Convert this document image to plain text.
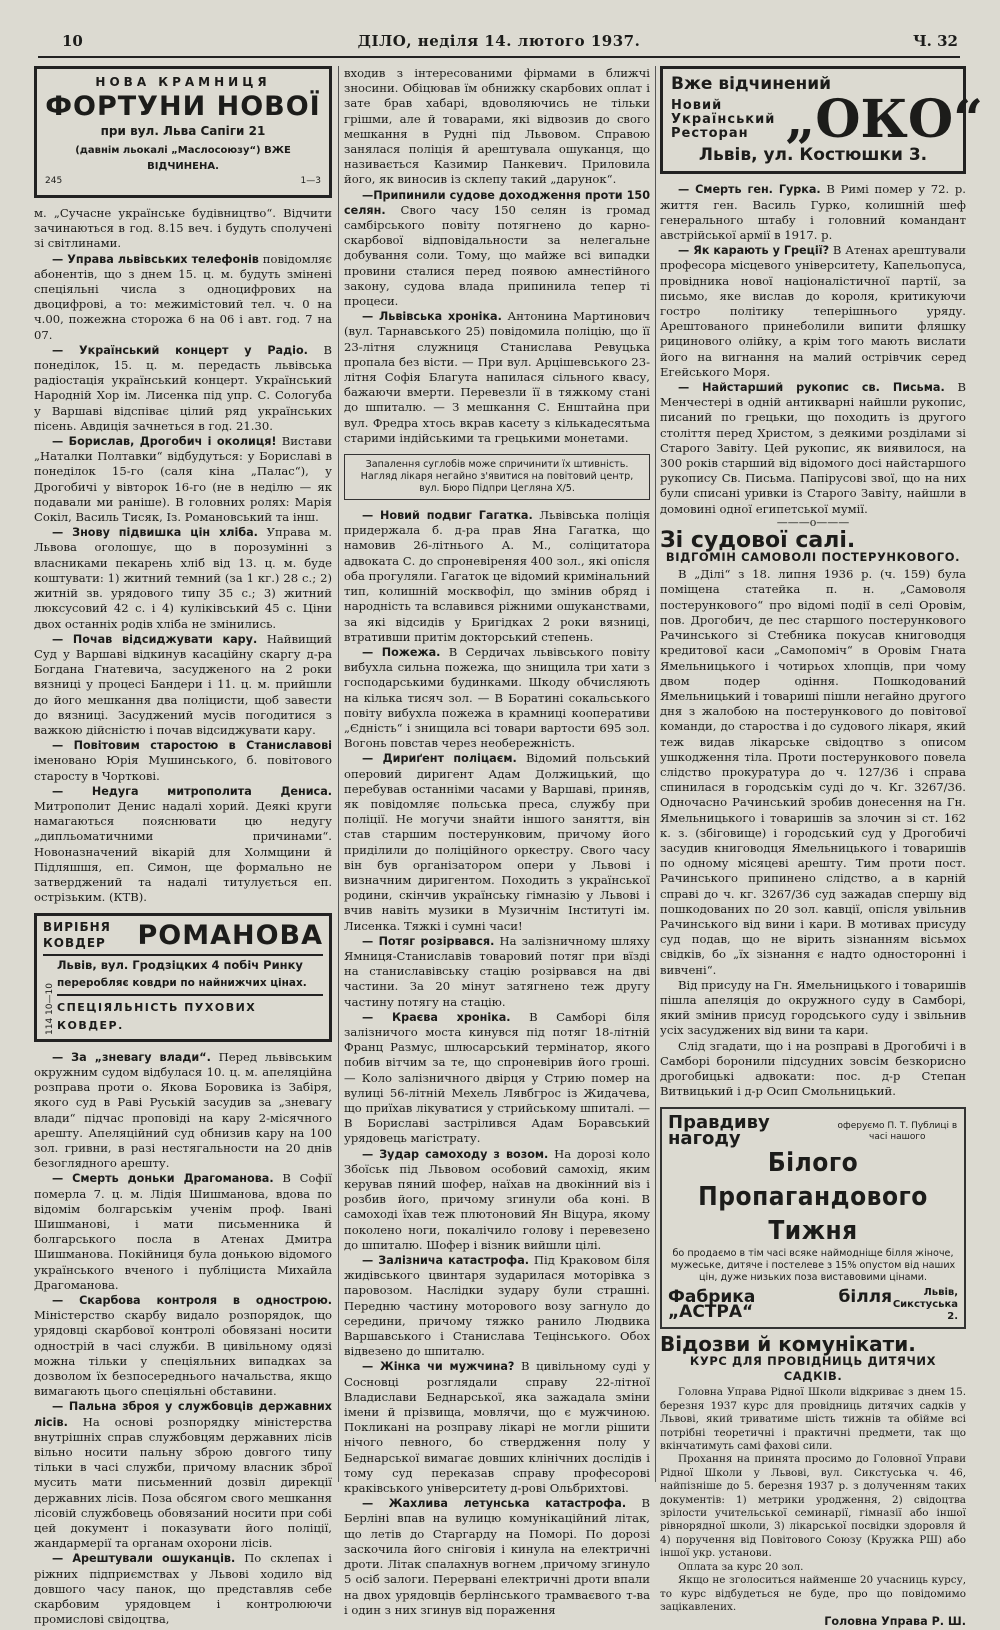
10	ДІЛО, неділя 14. лютого 1937.	Ч. 32
НОВА КРАМНИЦЯ
ФОРТУНИ НОВОЇ
при вул. Льва Сапіги 21
(давнім льокалі „Маслосоюзу“) ВЖЕ ВІДЧИНЕНА.
245	1—3

м. „Сучасне українське будівництво“. Відчити зачинаються в год. 8.15 веч. і будуть сполучені зі світлинами.

— Управа львівських телефонів повідомляє абонентів, що з днем 15. ц. м. будуть змінені спеціяльні числа з одноцифрових на двоцифрові, а то: межимістовий тел. ч. 0 на ч.00, пожежна сторожа 6 на 06 і авт. год. 7 на 07.

— Український концерт у Радіо. В понеділок, 15. ц. м. передасть львівська радіостація український концерт. Український Народній Хор ім. Лисенка під упр. С. Сологуба у Варшаві відспіває цілий ряд українських пісень. Авдиція зачнеться в год. 21.30.

— Борислав, Дрогобич і околиця! Вистави „Наталки Полтавки“ відбудуться: у Бориславі в понеділок 15-го (саля кіна „Палас“), у Дрогобичі у вівторок 16-го (не в неділю — як подавали ми раніше). В головних ролях: Марія Сокіл, Василь Тисяк, Із. Романовський та інш.

— Знову підвишка цін хліба. Управа м. Львова оголошує, що в порозумінні з власниками пекарень хліб від 13. ц. м. буде коштувати: 1) житний темний (за 1 кг.) 28 с.; 2) житній зв. урядового типу 35 с.; 3) житний люксусовий 42 с. і 4) куліківський 45 с. Ціни двох останніх родів хліба не змінились.

— Почав відсиджувати кару. Найвищий Суд у Варшаві відкинув касаційну скаргу д-ра Богдана Гнатевича, засудженого на 2 роки вязниці у процесі Бандери і 11. ц. м. прийшли до його мешкання два поліцисти, щоб завести до вязниці. Засуджений мусів погодитися з важкою дійсністю і почав відсиджувати кару.

— Повітовим старостою в Станиславові іменовано Юрія Мушинського, б. повітового старосту в Чорткові.

— Недуга митрополита Дениса. Митрополит Денис надалі хорий. Деякі круги намагаються пояснювати цю недугу „дипльоматичними причинами“. Новоназначений вікарій для Холмщини й Підляшшя, еп. Симон, ще формально не затверджений та надалі титулується еп. острізьким. (КТВ).

ВИРІБНЯ КОВДЕР	РОМАНОВА
114 10—10
Львів, вул. Гродзіцких 4 побіч Ринку
переробляє ковдри по найнижчих цінах.
СПЕЦІЯЛЬНІСТЬ ПУХОВИХ КОВДЕР.

— За „зневагу влади“. Перед львівським окружним судом відбулася 10. ц. м. апеляційна розправа проти о. Якова Боровика із Забіря, якого суд в Раві Руській засудив за „зневагу влади“ підчас проповіді на кару 2-місячного арешту. Апеляційний суд обнизив кару на 100 зол. гривни, в разі нестягальности на 20 днів безоглядного арешту.

— Смерть доньки Драгоманова. В Софії померла 7. ц. м. Лідія Шишманова, вдова по відомім болгарськім ученім проф. Івані Шишманові, і мати письменника й болгарського посла в Атенах Дмитра Шишманова. Покійниця була донькою відомого українського вченого і публіциста Михайла Драгоманова.

— Скарбова контроля в однострою. Міністерство скарбу видало розпорядок, що урядовці скарбової контролі обовязані носити однострій в часі служби. В цивільному одязі можна тільки у спеціяльних випадках за дозволом їх безпосереднього начальства, якщо вимагають цього спеціяльні обставини.

— Пальна зброя у службовців державних лісів. На основі розпорядку міністерства внутрішніх справ службовцям державних лісів вільно носити пальну зброю довгого типу тільки в часі служби, причому власник зброї мусить мати письменний дозвіл дирекції державних лісів. Поза обсягом свого мешкання лісовій службовець обовязаний носити при собі цей документ і показувати його поліції, жандармерії та органам охорони лісів.

— Арештували ошуканців. По склепах і ріжних підприємствах у Львові ходило від довшого часу панок, що представляв себе скарбовим урядовцем і контролюючи промислові свідоцтва,

входив з інтересованими фірмами в ближчі зносини. Обіцював їм обнижку скарбових оплат і зате брав хабарі, вдоволяючись не тільки грішми, але й товарами, які відвозив до свого мешкання в Рудні під Львовом. Справою занялася поліція й арештувала ошуканця, що називається Казимир Панкевич. Приловила його, як виносив із склепу такий „дарунок“.

—Припинили судове доходження проти 150 селян. Свого часу 150 селян із громад самбірського повіту потягнено до карно-скарбової відповідальности за нелегальне добування соли. Тому, що майже всі випадки провини сталися перед появою амнестійного закону, судова влада припинила тепер ті процеси.

— Львівська хроніка. Антонина Мартинович (вул. Тарнавського 25) повідомила поліцію, що її 23-літня служниця Станислава Ревуцька пропала без вісти. — При вул. Арцішевського 23-літня Софія Благута напилася сільного квасу, бажаючи вмерти. Перевезли її в тяжкому стані до шпиталю. — З мешкання С. Енштайна при вул. Фредра хтось вкрав касету з кількадесятьма старими індійськими та грецькими монетами.

Запалення суглобів може спричинити їх штивність. Нагляд лікаря негайно з'явитися на повітовий центр, вул. Бюро Підпри Цегляна Х/5.

— Новий подвиг Гагатка. Львівська поліція придержала б. д-ра прав Яна Гагатка, що намовив 26-літнього А. М., соліцитатора адвоката С. до спроневіреняя 400 зол., які опісля оба прогуляли. Гагаток це відомий кримінальний тип, колишній москвофіл, що змінив обряд і народність та вславився ріжними ошуканствами, за які відсидів у Бригідках 2 роки вязниці, втративши притім докторський степень.

— Пожежа. В Сердичах львівського повіту вибухла сильна пожежа, що знищила три хати з господарськими будинками. Шкоду обчисляють на кілька тисяч зол. — В Боратині сокальського повіту вибухла пожежа в крамниці кооперативи „Єдність“ і знищила всі товари вартости 695 зол. Вогонь повстав через необережність.

— Дириґент поліцаєм. Відомий польський оперовий диригент Адам Должицький, що перебував останніми часами у Варшаві, приняв, як повідомляє польська преса, службу при поліції. Не могучи знайти іншого заняття, він став старшим постерунковим, причому його приділили до поліційного оркестру. Свого часу він був організатором опери у Львові і визначним диригентом. Походить з української родини, скінчив українську гімназію у Львові і вчив навіть музики в Музичнім Інституті ім. Лисенка. Тяжкі і сумні часи!

— Потяг розірвався. На залізничному шляху Ямниця-Станиславів товаровий потяг при вїзді на станиславівську стацію розірвався на дві частини. За 20 мінут затягнено теж другу частину потягу на стацію.

— Краєва хроніка. В Самборі біля залізничого моста кинувся під потяг 18-літній Франц Размус, шлюсарський термінатор, якого побив вітчим за те, що спроневірив його гроші. — Коло залізничного двірця у Стрию помер на вулиці 56-літній Мехель Лявбгрос із Жидачева, що приїхав лікуватися у стрийському шпиталі. — В Бориславі застрілився Адам Боравський урядовець магістрату.

— Зудар самоходу з возом. На дорозі коло Збоїськ під Львовом особовий самохід, яким керував пяний шофер, наїхав на двокінний віз і розбив його, причому згинули оба коні. В самоході їхав теж плютоновий Ян Віцура, якому поколено ноги, покалічило голову і перевезено до шпиталю. Шофер і візник вийшли цілі.

— Залізнича катастрофа. Під Краковом біля жидівського цвинтаря зударилася моторівка з паровозом. Наслідки зудару були страшні. Передню частину моторового возу загнуло до середини, причому тяжко ранило Людвика Варшавського і Станислава Тецінського. Обох відвезено до шпиталю.

— Жінка чи мужчина? В цивільному суді у Сосновці розглядали справу 22-літної Владислави Беднарської, яка зажадала зміни імени й прізвища, мовлячи, що є мужчиною. Покликані на розправу лікарі не могли рішити нічого певного, бо ствердження полу у Беднарської вимагає довших клінічних дослідів і тому суд переказав справу професорові краківського університету д-рові Ольбрихтові.

— Жахлива летунська катастрофа. В Берліні впав на вулицю комунікаційний літак, що летів до Старгарду на Поморі. По дорозі заскочила його сніговія і кинула на електричні дроти. Літак спалахнув вогнем ,причому згинуло 5 осіб залоги. Перервані електричні дроти впали на двох урядовців берлінського трамваєвого т-ва і один з них згинув від пораження

Вже відчинений
Новий
Український
Ресторан „ОКО“
Львів, ул. Костюшки 3.

— Смерть ген. Гурка. В Римі помер у 72. р. життя ген. Василь Гурко, колишній шеф генерального штабу і головний командант австрійської армії в 1917. р.

— Як карають у Греції? В Атенах арештували професора місцевого університету, Капельопуса, провідника нової націоналістичної партії, за письмо, яке вислав до короля, критикуючи гостро політику теперішнього уряду. Арештованого принеболили випити фляшку рицинового олійку, а крім того мають вислати його на вигнання на малий острівчик серед Егейського Моря.

— Найстарший рукопис св. Письма. В Менчестері в одній антикварні найшли рукопис, писаний по грецьки, що походить із другого століття перед Христом, з деякими розділами зі Старого Завіту. Цей рукопис, як виявилося, на 300 років старший від відомого досі найстаршого рукопису Св. Письма. Папірусові звої, що на них були списані уривки із Старого Завіту, найшли в домовині одної египетської мумії.

———o———
Зі судової салі.
ВІДГОМІН САМОВОЛІ ПОСТЕРУНКОВОГО.

В „Ділі“ з 18. липня 1936 р. (ч. 159) була поміщена статейка п. н. „Самоволя постерункового“ про відомі події в селі Оровім, пов. Дрогобич, де пес старшого постерункового Рачинського зі Стебника покусав книговодця кредитової каси „Самопоміч“ в Оровім Гната Ямельницького і чотирьох хлопців, при чому двом подер одіння. Пошкодований Ямельницький і товариші пішли негайно другого дня з жалобою на постерункового до повітової команди, до староства і до судового лікаря, який теж видав лікарське свідоцтво з описом ушкодження тіла. Проти постерункового повела слідство прокуратура до ч. 127/36 і справа спинилася в городськім суді до ч. Кг. 3267/36. Одночасно Рачинський зробив донесення на Гн. Ямельницького і товаришів за злочин зі ст. 162 к. з. (збіговище) і городський суд у Дрогобичі засудив книговодця Ямельницького і товаришів по одному місяцеві арешту. Тим проти пост. Рачинського припинено слідство, а в карній справі до ч. кг. 3267/36 суд зажадав спершу від пошкодованих по 20 зол. кавції, опісля увільнив Рачинського від вини і кари. В мотивах присуду суд подав, що не вірить зізнанням вісьмох свідків, бо „їх зізнання є надто односторонні і вивчені“.

Від присуду на Гн. Ямельницького і товаришів пішла апеляція до окружного суду в Самборі, який змінив присуд городського суду і звільнив усіх засуджених від вини та кари.

Слід згадати, що і на розправі в Дрогобичі і в Самборі боронили підсудних зовсім безкорисно дрогобицькі адвокати: пос. д-р Степан Витвицький і д-р Осип Смольницький.

Правдиву нагоду
оферуємо П. Т. Публиці в часі нашого
Білого Пропагандового Тижня
бо продаємо в тім часі всяке наймодніще білля жіноче, мужеське, дитяче і постелеве з 15% опустом від наших цін, дуже низьких поза виставовими цінами.
Фабрика білля „АСТРА“
Львів, Сикстуська 2.
Відозви й комунікати.
КУРС ДЛЯ ПРОВІДНИЦЬ ДИТЯЧИХ САДКІВ.

Головна Управа Рідної Школи відкриває з днем 15. березня 1937 курс для провідниць дитячих садків у Львові, який триватиме шість тижнів та обійме всі потрібні теоретичні і практичні предмети, так що вкінчатимуть самі фахові сили.

Прохання на принята просимо до Головної Управи Рідної Школи у Львові, вул. Сикстуська ч. 46, найпізніше до 5. березня 1937 р. з долученням таких документів: 1) метрики уродження, 2) свідоцтва зрілости учительської семинарії, гімназії або іншої рівнорядної школи, 3) лікарської посвідки здоровля й 4) поручення від Повітового Союзу (Кружка РШ) або іншої укр. установи.

Оплата за курс 20 зол.

Якщо не зголоситься найменше 20 учасниць курсу, то курс відбудеться не буде, про що повідомимо зацікавлених.

Головна Управа Р. Ш.
